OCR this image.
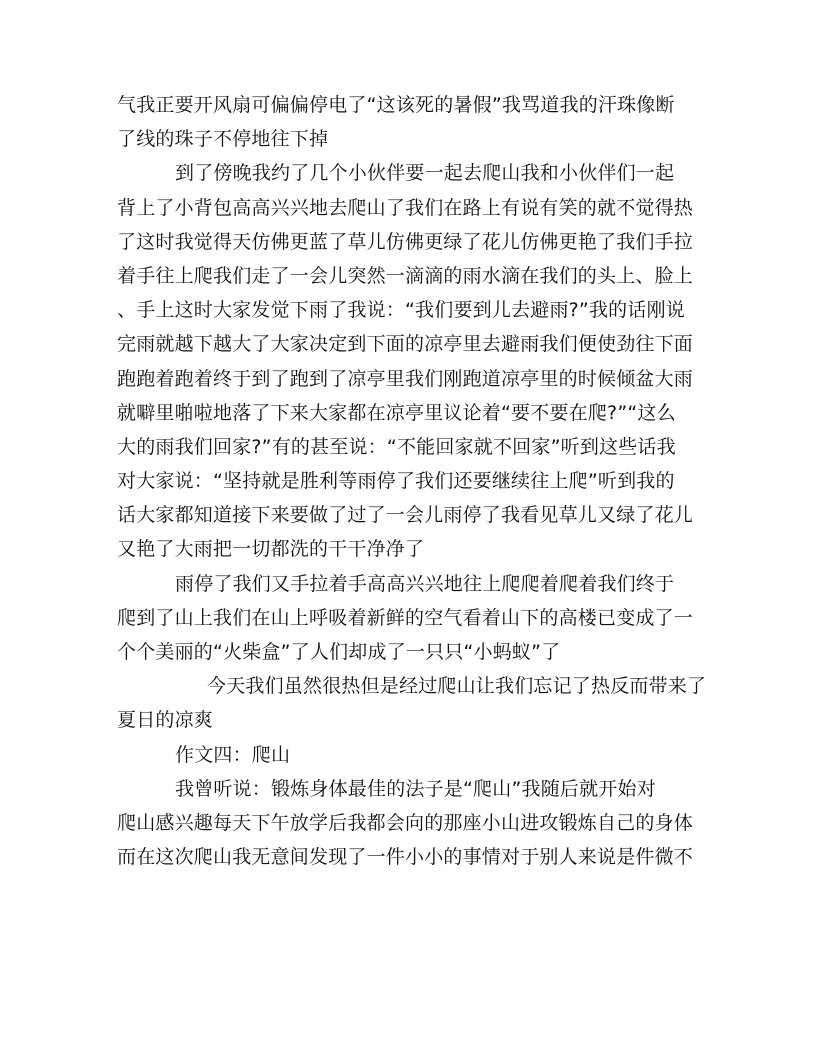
气我正要开风扇可偏偏停电了“这该死的暑假”我骂道我的汗珠像断
了线的珠子不停地往下掉
到了傍晚我约了几个小伙伴要一起去爬山我和小伙伴们一起
背上了小背包高高兴兴地去爬山了我们在路上有说有笑的就不觉得热
了这时我觉得天仿佛更蓝了草儿仿佛更绿了花儿仿佛更艳了我们手拉
着手往上爬我们走了一会儿突然一滴滴的雨水滴在我们的头上、脸上
、手上这时大家发觉下雨了我说：“我们要到儿去避雨?”我的话刚说
完雨就越下越大了大家决定到下面的凉亭里去避雨我们便使劲往下面
跑跑着跑着终于到了跑到了凉亭里我们刚跑道凉亭里的时候倾盆大雨
就噼里啪啦地落了下来大家都在凉亭里议论着“要不要在爬?”“这么
大的雨我们回家?”有的甚至说：“不能回家就不回家”听到这些话我
对大家说：“坚持就是胜利等雨停了我们还要继续往上爬”听到我的
话大家都知道接下来要做了过了一会儿雨停了我看见草儿又绿了花儿
又艳了大雨把一切都洗的干干净净了
雨停了我们又手拉着手高高兴兴地往上爬爬着爬着我们终于
爬到了山上我们在山上呼吸着新鲜的空气看着山下的高楼已变成了一
个个美丽的“火柴盒”了人们却成了一只只“小蚂蚁”了
今天我们虽然很热但是经过爬山让我们忘记了热反而带来了
夏日的凉爽
作文四：爬山
我曾听说：锻炼身体最佳的法子是“爬山”我随后就开始对
爬山感兴趣每天下午放学后我都会向的那座小山进攻锻炼自己的身体
而在这次爬山我无意间发现了一件小小的事情对于别人来说是件微不
